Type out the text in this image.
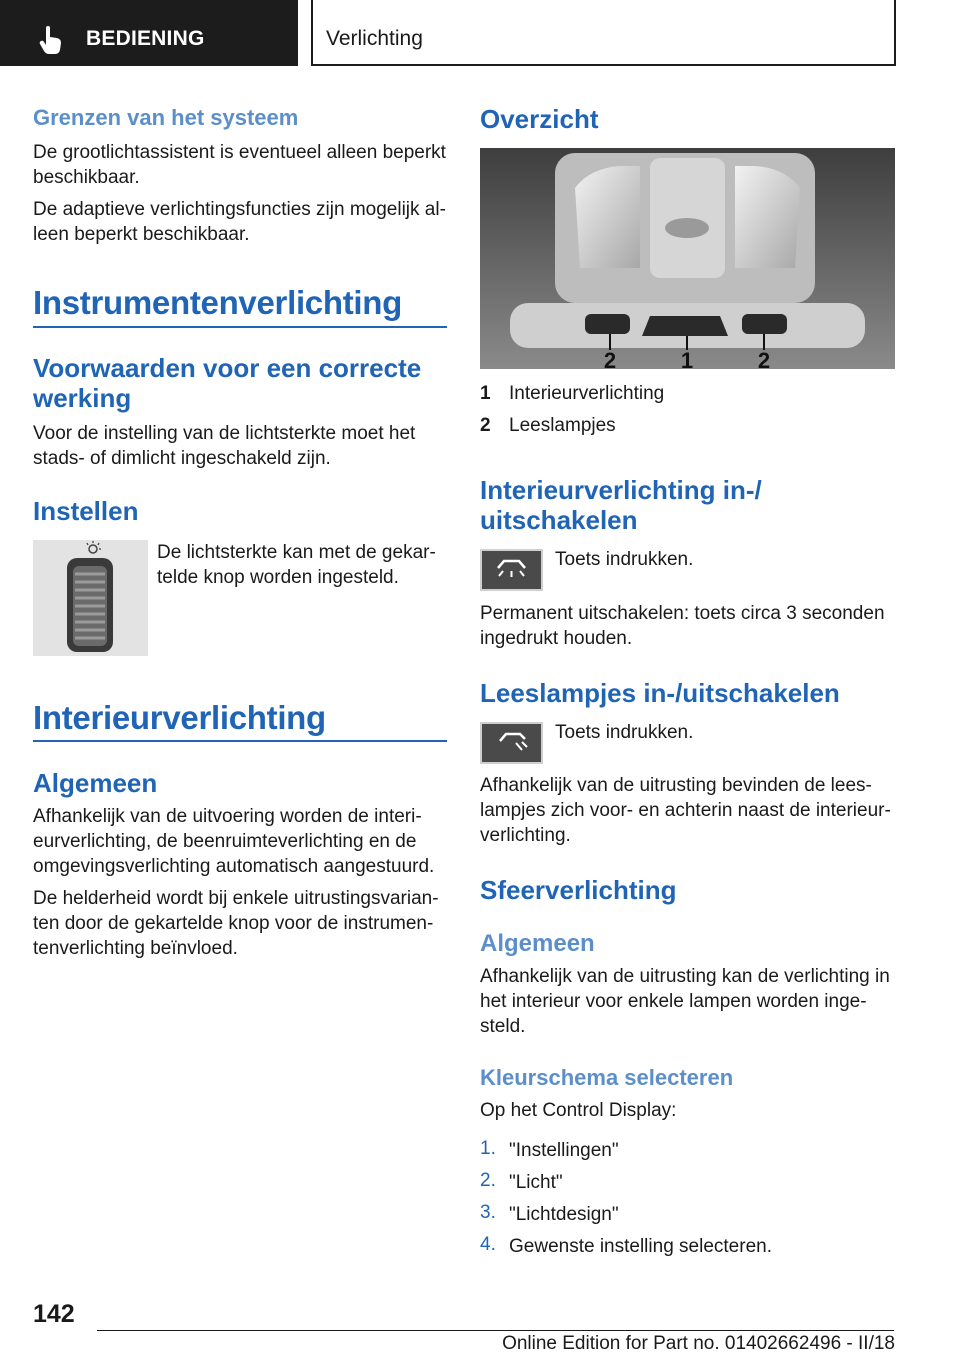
BEDIENING	Verlichting
Grenzen van het systeem
De grootlichtassistent is eventueel alleen beperkt
beschikbaar.
De adaptieve verlichtingsfuncties zijn mogelijk al-
leen beperkt beschikbaar.
Instrumentenverlichting
Voorwaarden voor een correcte
werking
Voor de instelling van de lichtsterkte moet het
stads- of dimlicht ingeschakeld zijn.
Instellen
De lichtsterkte kan met de gekar-
telde knop worden ingesteld.
Interieurverlichting
Algemeen
Afhankelijk van de uitvoering worden de interi-
eurverlichting, de beenruimteverlichting en de
omgevingsverlichting automatisch aangestuurd.
De helderheid wordt bij enkele uitrustingsvarian-
ten door de gekartelde knop voor de instrumen-
tenverlichting beïnvloed.
Overzicht
2	1	2
1 Interieurverlichting
2 Leeslampjes
Interieurverlichting in-/
uitschakelen
Toets indrukken.
Permanent uitschakelen: toets circa 3 seconden
ingedrukt houden.
Leeslampjes in-/uitschakelen
Toets indrukken.
Afhankelijk van de uitrusting bevinden de lees-
lampjes zich voor- en achterin naast de interieur-
verlichting.
Sfeerverlichting
Algemeen
Afhankelijk van de uitrusting kan de verlichting in
het interieur voor enkele lampen worden inge-
steld.
Kleurschema selecteren
Op het Control Display:
1. "Instellingen"
2. "Licht"
3. "Lichtdesign"
4. Gewenste instelling selecteren.
142
Online Edition for Part no. 01402662496 - II/18
